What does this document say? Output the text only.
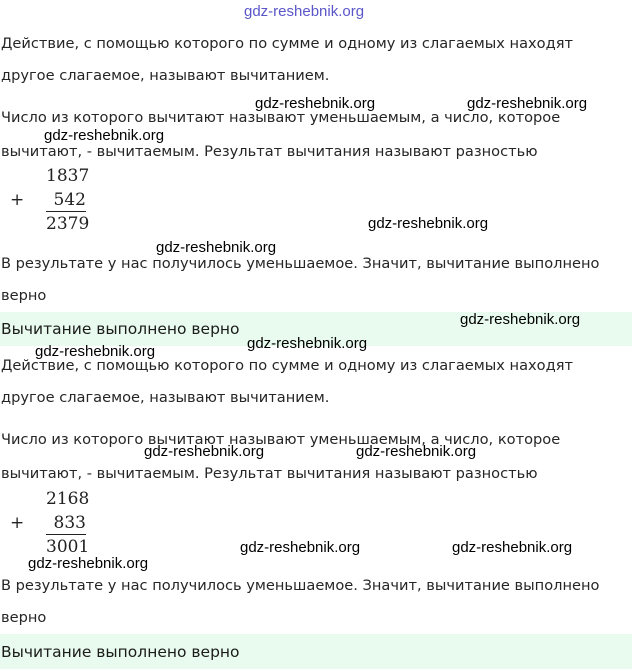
gdz-reshebnik.org
Действие, с помощью которого по сумме и одному из слагаемых находят
другое слагаемое, называют вычитанием.
Число из которого вычитают называют уменьшаемым, а число, которое
вычитают, - вычитаемым. Результат вычитания называют разностью
+
1837
542
2379
В результате у нас получилось уменьшаемое. Значит, вычитание выполнено
верно
Вычитание выполнено верно
Действие, с помощью которого по сумме и одному из слагаемых находят
другое слагаемое, называют вычитанием.
Число из которого вычитают называют уменьшаемым, а число, которое
вычитают, - вычитаемым. Результат вычитания называют разностью
+
2168
833
3001
В результате у нас получилось уменьшаемое. Значит, вычитание выполнено
верно
Вычитание выполнено верно
gdz-reshebnik.org	gdz-reshebnik.org
gdz-reshebnik.org
gdz-reshebnik.org
gdz-reshebnik.org
gdz-reshebnik.org
gdz-reshebnik.org
gdz-reshebnik.org
gdz-reshebnik.org	gdz-reshebnik.org
gdz-reshebnik.org	gdz-reshebnik.org
gdz-reshebnik.org
